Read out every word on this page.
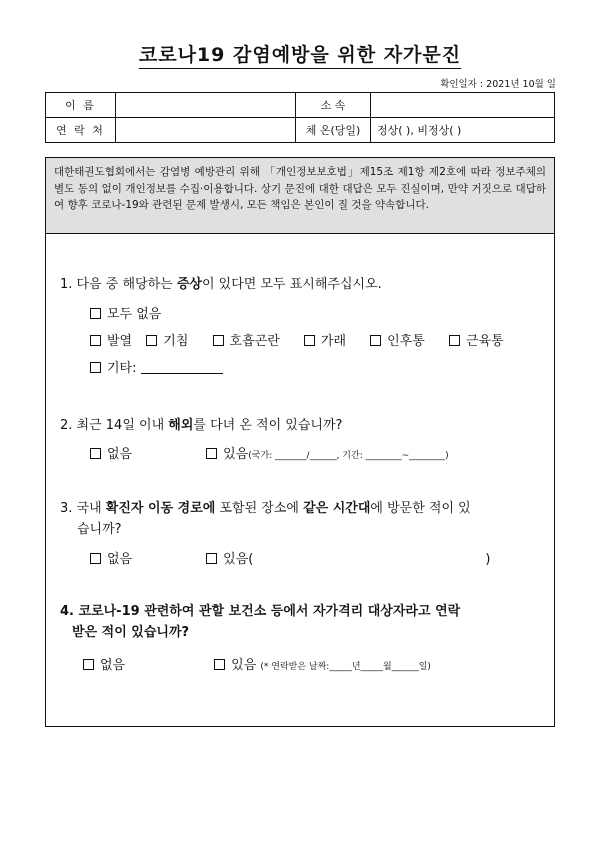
코로나19 감염예방을 위한 자가문진
확인일자 : 2021년 10월 일
이 름		소 속	
연 락 처		체 온(당일)	정상( ), 비정상( )
대한태권도협회에서는 감염병 예방관리 위해 「개인정보보호법」제15조 제1항 제2호에 따라 정보주체의 별도 동의 없이 개인정보를 수집·이용합니다. 상기 문진에 대한 대답은 모두 진실이며, 만약 거짓으로 대답하여 향후 코로나-19와 관련된 문제 발생시, 모든 책임은 본인이 질 것을 약속합니다.
1. 다음 중 해당하는 증상이 있다면 모두 표시해주십시오.
모두 없음
발열 기침	호흡곤란	가래	인후통	근육통
기타:
2. 최근 14일 이내 해외를 다녀 온 적이 있습니까?
없음	있음(국가: _______/______, 기간: ________~________)
3. 국내 확진자 이동 경로에 포함된 장소에 같은 시간대에 방문한 적이 있
습니까?
없음	있음(	)
4. 코로나-19 관련하여 관할 보건소 등에서 자가격리 대상자라고 연락
받은 적이 있습니까?
없음	있음 (* 연락받은 날짜:_____년_____월______일)
